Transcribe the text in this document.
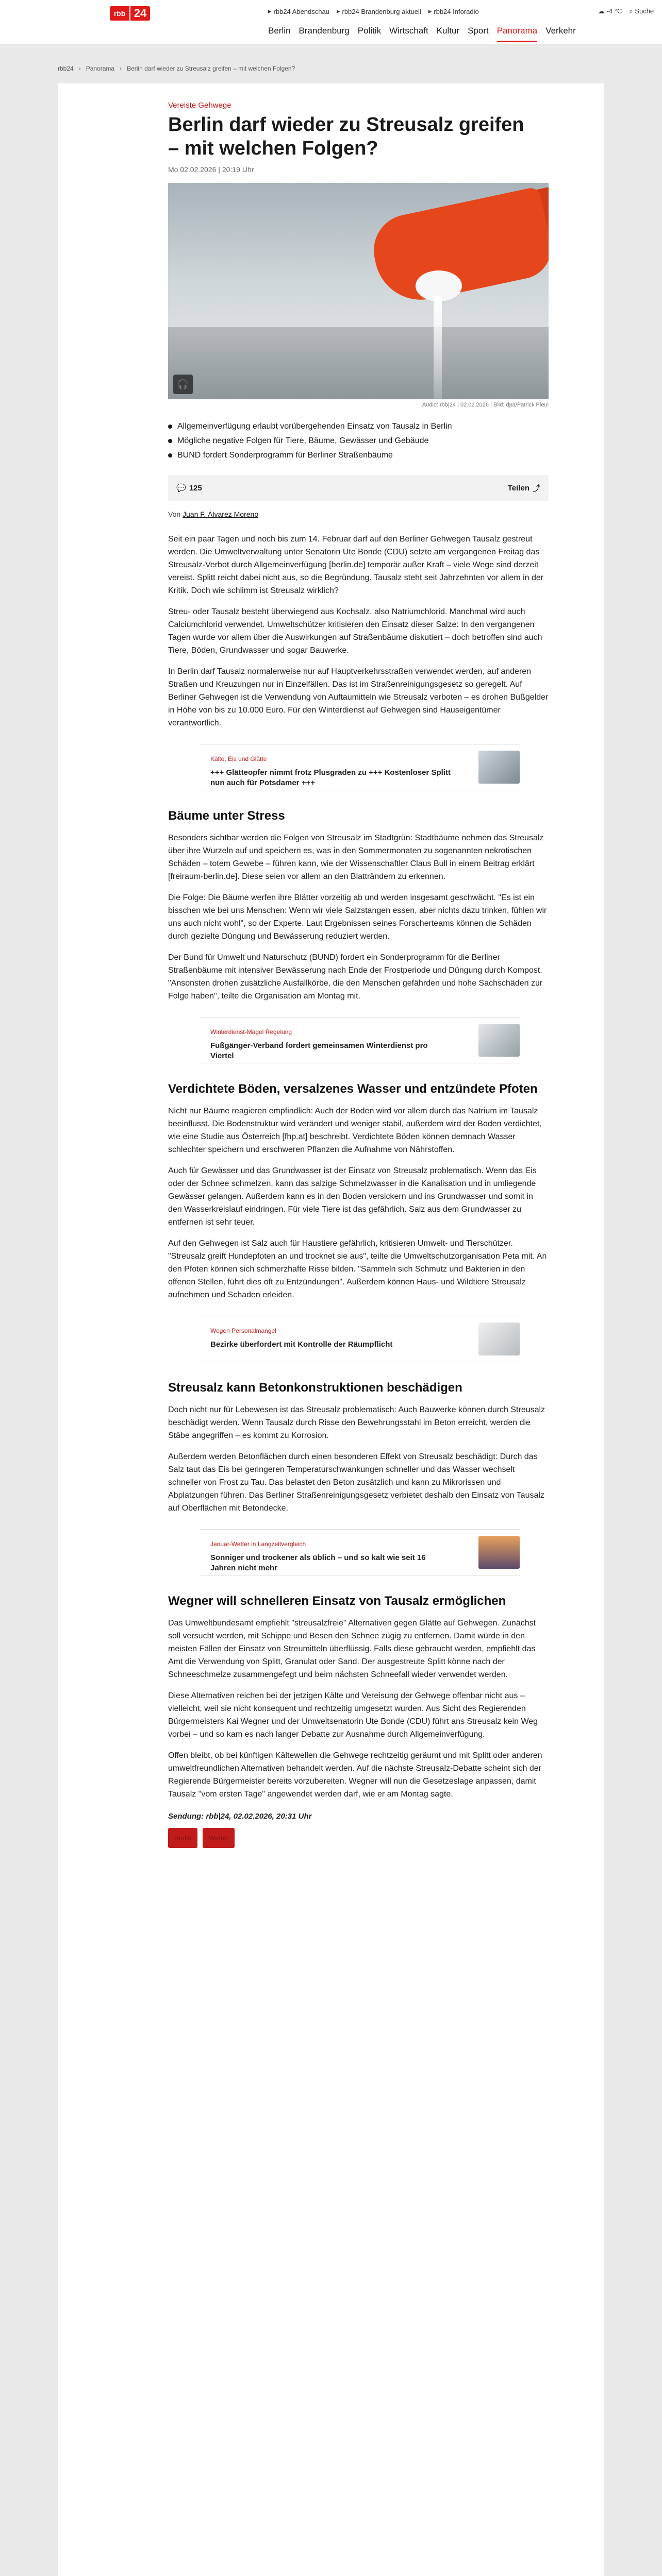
rbb 24	▸ rbb24 Abendschau ▸ rbb24 Brandenburg aktuell ▸ rbb24 Inforadio	☁ -4 °C ⌕ Suche
Berlin Brandenburg Politik Wirtschaft Kultur Sport Panorama Verkehr
rbb24 › Panorama › Berlin darf wieder zu Streusalz greifen – mit welchen Folgen?
Vereiste Gehwege
Berlin darf wieder zu Streusalz greifen – mit welchen Folgen?
Mo 02.02.2026 | 20:19 Uhr
🎧
Audio: rbb|24 | 02.02.2026 | Bild: dpa/Patrick Pleul
Allgemeinverfügung erlaubt vorübergehenden Einsatz von Tausalz in Berlin
Mögliche negative Folgen für Tiere, Bäume, Gewässer und Gebäude
BUND fordert Sonderprogramm für Berliner Straßenbäume
💬 125	Teilen ⤴
Von Juan F. Álvarez Moreno

Seit ein paar Tagen und noch bis zum 14. Februar darf auf den Berliner Gehwegen Tausalz gestreut werden. Die Umweltverwaltung unter Senatorin Ute Bonde (CDU) setzte am vergangenen Freitag das Streusalz-Verbot durch Allgemeinverfügung [berlin.de] temporär außer Kraft – viele Wege sind derzeit vereist. Splitt reicht dabei nicht aus, so die Begründung. Tausalz steht seit Jahrzehnten vor allem in der Kritik. Doch wie schlimm ist Streusalz wirklich?

Streu- oder Tausalz besteht überwiegend aus Kochsalz, also Natriumchlorid. Manchmal wird auch Calciumchlorid verwendet. Umweltschützer kritisieren den Einsatz dieser Salze: In den vergangenen Tagen wurde vor allem über die Auswirkungen auf Straßenbäume diskutiert – doch betroffen sind auch Tiere, Böden, Grundwasser und sogar Bauwerke.

In Berlin darf Tausalz normalerweise nur auf Hauptverkehrsstraßen verwendet werden, auf anderen Straßen und Kreuzungen nur in Einzelfällen. Das ist im Straßenreinigungsgesetz so geregelt. Auf Berliner Gehwegen ist die Verwendung von Auftaumitteln wie Streusalz verboten – es drohen Bußgelder in Höhe von bis zu 10.000 Euro. Für den Winterdienst auf Gehwegen sind Hauseigentümer verantwortlich.

Kälte, Eis und Glätte
+++ Glätteopfer nimmt frotz Plusgraden zu +++ Kostenloser Splitt nun auch für Potsdamer +++
Bäume unter Stress

Besonders sichtbar werden die Folgen von Streusalz im Stadtgrün: Stadtbäume nehmen das Streusalz über ihre Wurzeln auf und speichern es, was in den Sommermonaten zu sogenannten nekrotischen Schäden – totem Gewebe – führen kann, wie der Wissenschaftler Claus Bull in einem Beitrag erklärt [freiraum-berlin.de]. Diese seien vor allem an den Blatträndern zu erkennen.

Die Folge: Die Bäume werfen ihre Blätter vorzeitig ab und werden insgesamt geschwächt. "Es ist ein bisschen wie bei uns Menschen: Wenn wir viele Salzstangen essen, aber nichts dazu trinken, fühlen wir uns auch nicht wohl", so der Experte. Laut Ergebnissen seines Forscherteams können die Schäden durch gezielte Düngung und Bewässerung reduziert werden.

Der Bund für Umwelt und Naturschutz (BUND) fordert ein Sonderprogramm für die Berliner Straßenbäume mit intensiver Bewässerung nach Ende der Frostperiode und Düngung durch Kompost. "Ansonsten drohen zusätzliche Ausfallkörbe, die den Menschen gefährden und hohe Sachschäden zur Folge haben", teilte die Organisation am Montag mit.

Winterdienst-Magel Regelung
Fußgänger-Verband fordert gemeinsamen Winterdienst pro Viertel
Verdichtete Böden, versalzenes Wasser und entzündete Pfoten

Nicht nur Bäume reagieren empfindlich: Auch der Boden wird vor allem durch das Natrium im Tausalz beeinflusst. Die Bodenstruktur wird verändert und weniger stabil, außerdem wird der Boden verdichtet, wie eine Studie aus Österreich [fhp.at] beschreibt. Verdichtete Böden können demnach Wasser schlechter speichern und erschweren Pflanzen die Aufnahme von Nährstoffen.

Auch für Gewässer und das Grundwasser ist der Einsatz von Streusalz problematisch. Wenn das Eis oder der Schnee schmelzen, kann das salzige Schmelzwasser in die Kanalisation und in umliegende Gewässer gelangen. Außerdem kann es in den Boden versickern und ins Grundwasser und somit in den Wasserkreislauf eindringen. Für viele Tiere ist das gefährlich. Salz aus dem Grundwasser zu entfernen ist sehr teuer.

Auf den Gehwegen ist Salz auch für Haustiere gefährlich, kritisieren Umwelt- und Tierschützer. "Streusalz greift Hundepfoten an und trocknet sie aus", teilte die Umweltschutzorganisation Peta mit. An den Pfoten können sich schmerzhafte Risse bilden. "Sammeln sich Schmutz und Bakterien in den offenen Stellen, führt dies oft zu Entzündungen". Außerdem können Haus- und Wildtiere Streusalz aufnehmen und Schaden erleiden.

Wegen Personalmangel
Bezirke überfordert mit Kontrolle der Räumpflicht
Streusalz kann Betonkonstruktionen beschädigen

Doch nicht nur für Lebewesen ist das Streusalz problematisch: Auch Bauwerke können durch Streusalz beschädigt werden. Wenn Tausalz durch Risse den Bewehrungsstahl im Beton erreicht, werden die Stäbe angegriffen – es kommt zu Korrosion.

Außerdem werden Betonflächen durch einen besonderen Effekt von Streusalz beschädigt: Durch das Salz taut das Eis bei geringeren Temperaturschwankungen schneller und das Wasser wechselt schneller von Frost zu Tau. Das belastet den Beton zusätzlich und kann zu Mikrorissen und Abplatzungen führen. Das Berliner Straßenreinigungsgesetz verbietet deshalb den Einsatz von Tausalz auf Oberflächen mit Betondecke.

Januar-Wetter in Langzeitvergleich
Sonniger und trockener als üblich – und so kalt wie seit 16 Jahren nicht mehr
Wegner will schnelleren Einsatz von Tausalz ermöglichen

Das Umweltbundesamt empfiehlt "streusalzfreie" Alternativen gegen Glätte auf Gehwegen. Zunächst soll versucht werden, mit Schippe und Besen den Schnee zügig zu entfernen. Damit würde in den meisten Fällen der Einsatz von Streumitteln überflüssig. Falls diese gebraucht werden, empfiehlt das Amt die Verwendung von Splitt, Granulat oder Sand. Der ausgestreute Splitt könne nach der Schneeschmelze zusammengefegt und beim nächsten Schneefall wieder verwendet werden.

Diese Alternativen reichen bei der jetzigen Kälte und Vereisung der Gehwege offenbar nicht aus – vielleicht, weil sie nicht konsequent und rechtzeitig umgesetzt wurden. Aus Sicht des Regierenden Bürgermeisters Kai Wegner und der Umweltsenatorin Ute Bonde (CDU) führt ans Streusalz kein Weg vorbei – und so kam es nach langer Debatte zur Ausnahme durch Allgemeinverfügung.

Offen bleibt, ob bei künftigen Kältewellen die Gehwege rechtzeitig geräumt und mit Splitt oder anderen umweltfreundlichen Alternativen behandelt werden. Auf die nächste Streusalz-Debatte scheint sich der Regierende Bürgermeister bereits vorzubereiten. Wegner will nun die Gesetzeslage anpassen, damit Tausalz "vom ersten Tage" angewendet werden darf, wie er am Montag sagte.

Sendung: rbb|24, 02.02.2026, 20:31 Uhr
Berlin	Wetter
